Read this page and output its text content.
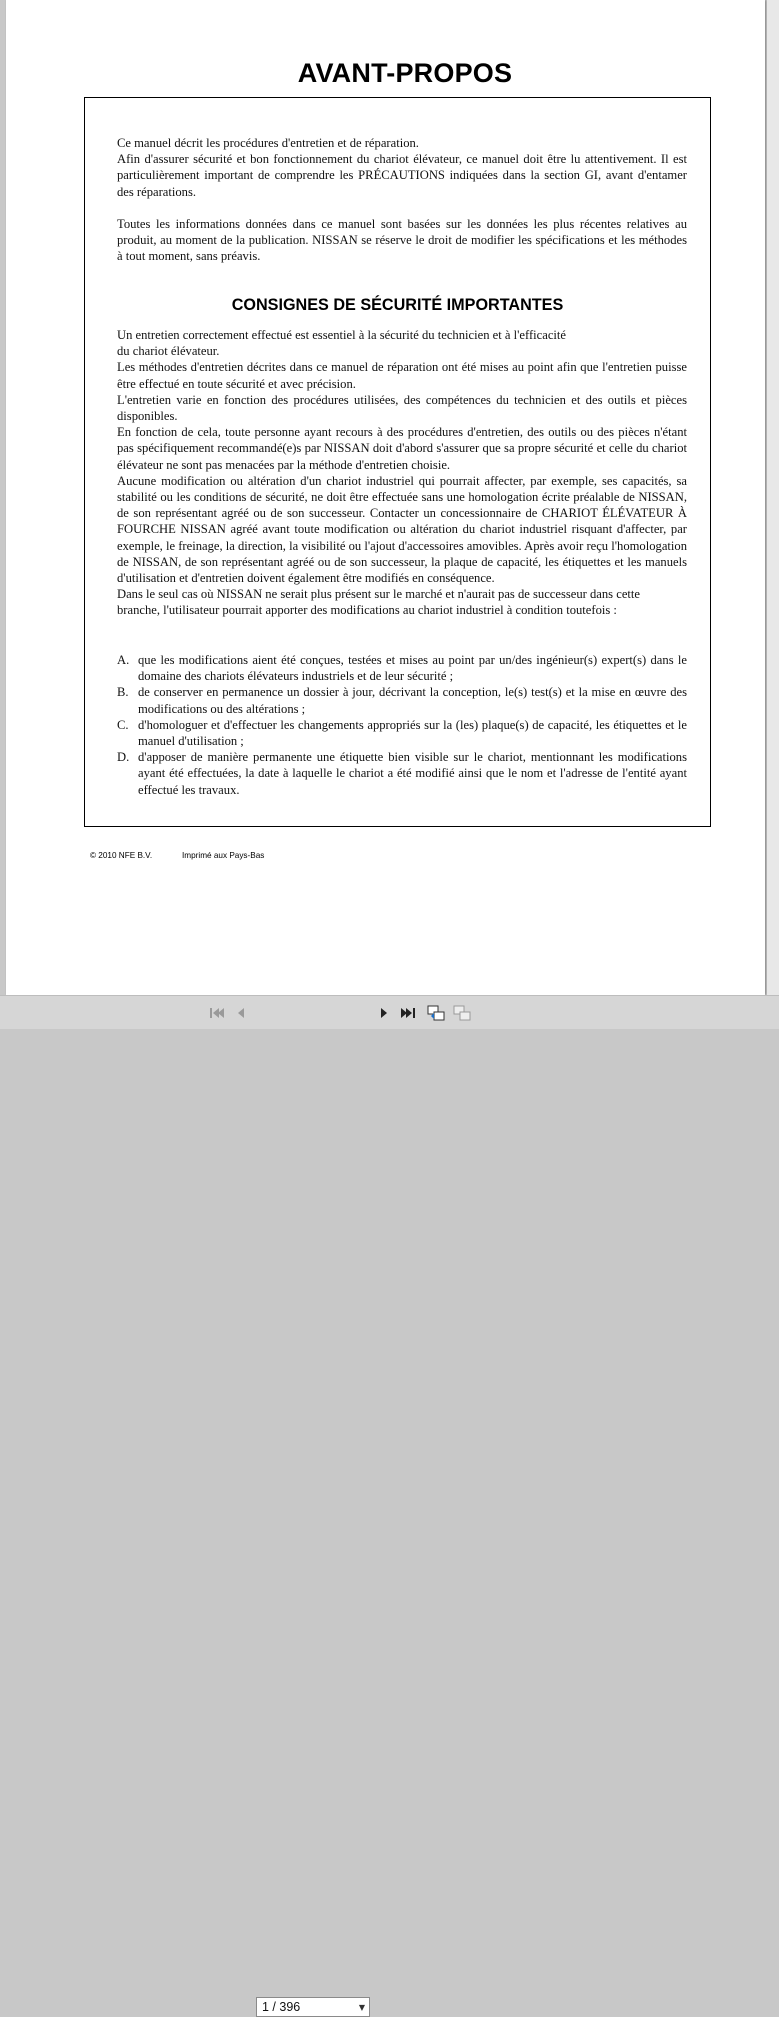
AVANT-PROPOS

Ce manuel décrit les procédures d'entretien et de réparation.

Afin d'assurer sécurité et bon fonctionnement du chariot élévateur, ce manuel doit être lu attentivement. Il est particulièrement important de comprendre les PRÉCAUTIONS indiquées dans la section GI, avant d'entamer des réparations.

Toutes les informations données dans ce manuel sont basées sur les données les plus récentes relatives au produit, au moment de la publication. NISSAN se réserve le droit de modifier les spécifications et les méthodes à tout moment, sans préavis.

CONSIGNES DE SÉCURITÉ IMPORTANTES

Un entretien correctement effectué est essentiel à la sécurité du technicien et à l'efficacité

du chariot élévateur.

Les méthodes d'entretien décrites dans ce manuel de réparation ont été mises au point afin que l'entretien puisse être effectué en toute sécurité et avec précision.

L'entretien varie en fonction des procédures utilisées, des compétences du technicien et des outils et pièces disponibles.

En fonction de cela, toute personne ayant recours à des procédures d'entretien, des outils ou des pièces n'étant pas spécifiquement recommandé(e)s par NISSAN doit d'abord s'assurer que sa propre sécurité et celle du chariot élévateur ne sont pas menacées par la méthode d'entretien choisie.

Aucune modification ou altération d'un chariot industriel qui pourrait affecter, par exemple, ses capacités, sa stabilité ou les conditions de sécurité, ne doit être effectuée sans une homologation écrite préalable de NISSAN, de son représentant agréé ou de son successeur. Contacter un concessionnaire de CHARIOT ÉLÉVATEUR À FOURCHE NISSAN agréé avant toute modification ou altération du chariot industriel risquant d'affecter, par exemple, le freinage, la direction, la visibilité ou l'ajout d'accessoires amovibles. Après avoir reçu l'homologation de NISSAN, de son représentant agréé ou de son successeur, la plaque de capacité, les étiquettes et les manuels d'utilisation et d'entretien doivent également être modifiés en conséquence.

Dans le seul cas où NISSAN ne serait plus présent sur le marché et n'aurait pas de successeur dans cette

branche, l'utilisateur pourrait apporter des modifications au chariot industriel à condition toutefois :

A. que les modifications aient été conçues, testées et mises au point par un/des ingénieur(s) expert(s) dans le domaine des chariots élévateurs industriels et de leur sécurité ;
B. de conserver en permanence un dossier à jour, décrivant la conception, le(s) test(s) et la mise en œuvre des modifications ou des altérations ;
C. d'homologuer et d'effectuer les changements appropriés sur la (les) plaque(s) de capacité, les étiquettes et le manuel d'utilisation ;
D. d'apposer de manière permanente une étiquette bien visible sur le chariot, mentionnant les modifications ayant été effectuées, la date à laquelle le chariot a été modifié ainsi que le nom et l'adresse de l'entité ayant effectué les travaux.
© 2010 NFE B.V.	Imprimé aux Pays-Bas
1 / 396	▼
